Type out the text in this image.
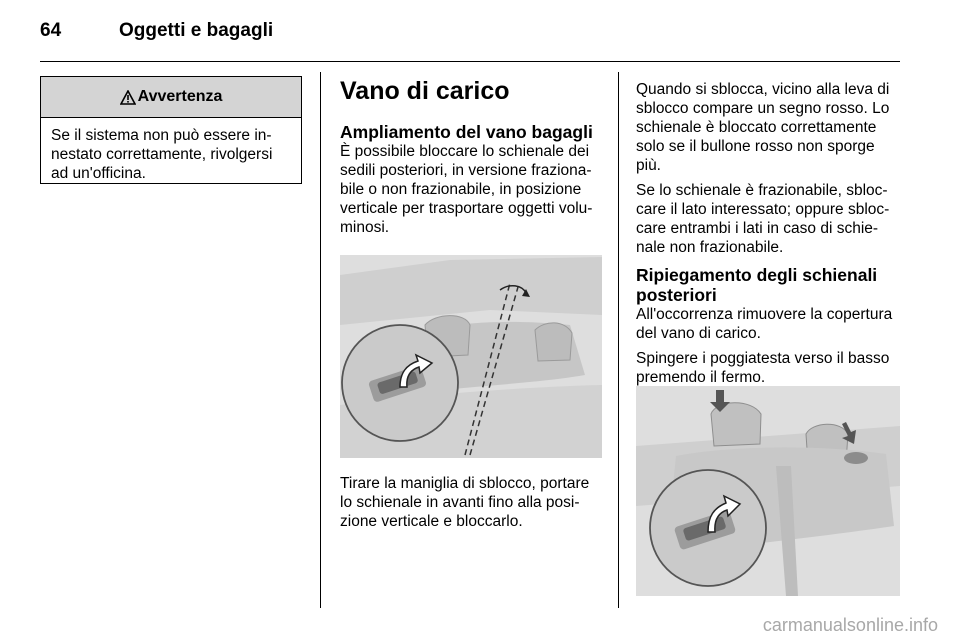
64	Oggetti e bagagli
Avvertenza
Se il sistema non può essere in-nestato correttamente, rivolgersi ad un'officina.
Vano di carico
Ampliamento del vano bagagli

È possibile bloccare lo schienale dei sedili posteriori, in versione fraziona-bile o non frazionabile, in posizione verticale per trasportare oggetti volu-minosi.

Tirare la maniglia di sblocco, portare lo schienale in avanti fino alla posi-zione verticale e bloccarlo.

Quando si sblocca, vicino alla leva di sblocco compare un segno rosso. Lo schienale è bloccato correttamente solo se il bullone rosso non sporge più.

Se lo schienale è frazionabile, sbloc-care il lato interessato; oppure sbloc-care entrambi i lati in caso di schie-nale non frazionabile.

Ripiegamento degli schienali posteriori

All'occorrenza rimuovere la copertura del vano di carico.

Spingere i poggiatesta verso il basso premendo il fermo.

carmanualsonline.info
